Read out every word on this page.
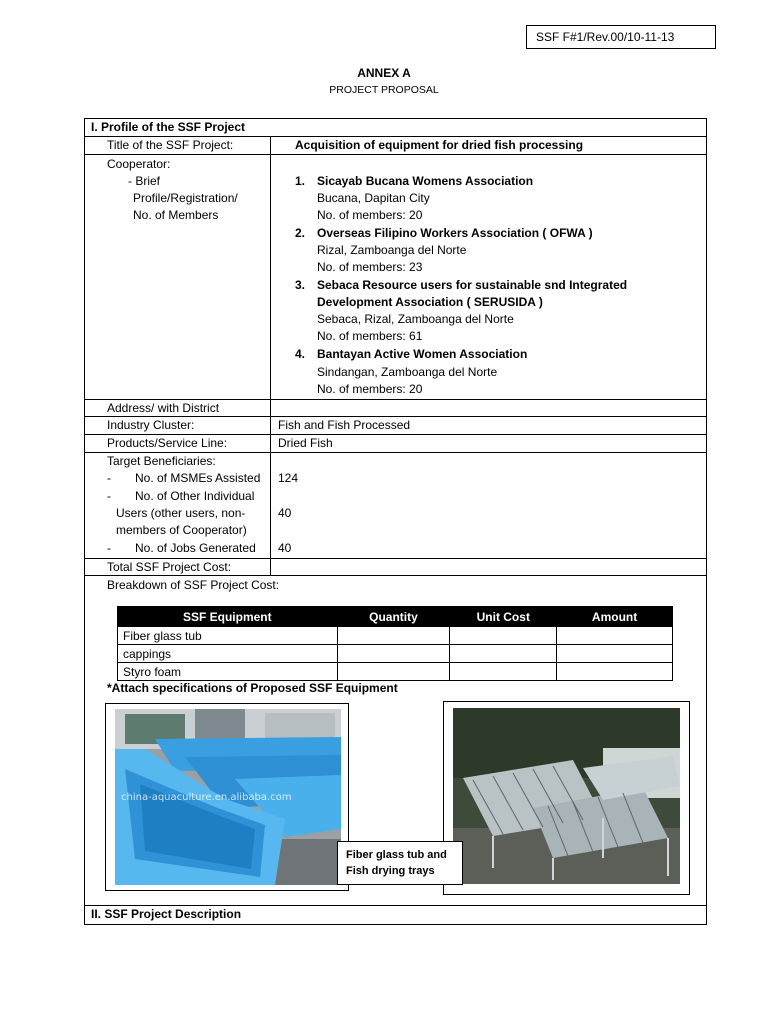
SSF F#1/Rev.00/10-11-13
ANNEX A
PROJECT PROPOSAL
I. Profile of the SSF Project
Title of the SSF Project:	Acquisition of equipment for dried fish processing
Cooperator:
- Brief
Profile/Registration/
No. of Members
1. Sicayab Bucana Womens Association
Bucana, Dapitan City
No. of members: 20
2. Overseas Filipino Workers Association ( OFWA )
Rizal, Zamboanga del Norte
No. of members: 23
3. Sebaca Resource users for sustainable snd Integrated
Development Association ( SERUSIDA )
Sebaca, Rizal, Zamboanga del Norte
No. of members: 61
4. Bantayan Active Women Association
Sindangan, Zamboanga del Norte
No. of members: 20
Address/ with District
Industry Cluster:	Fish and Fish Processed
Products/Service Line:	Dried Fish
Target Beneficiaries:
- No. of MSMEs Assisted 124
- No. of Other Individual
Users (other users, non-
members of Cooperator)
40
- No. of Jobs Generated 40
Total SSF Project Cost:
Breakdown of SSF Project Cost:
SSF Equipment	Quantity	Unit Cost	Amount
Fiber glass tub			
cappings			
Styro foam			
*Attach specifications of Proposed SSF Equipment
china-aquaculture.en.alibaba.com
Fiber glass tub and
Fish drying trays
II. SSF Project Description
